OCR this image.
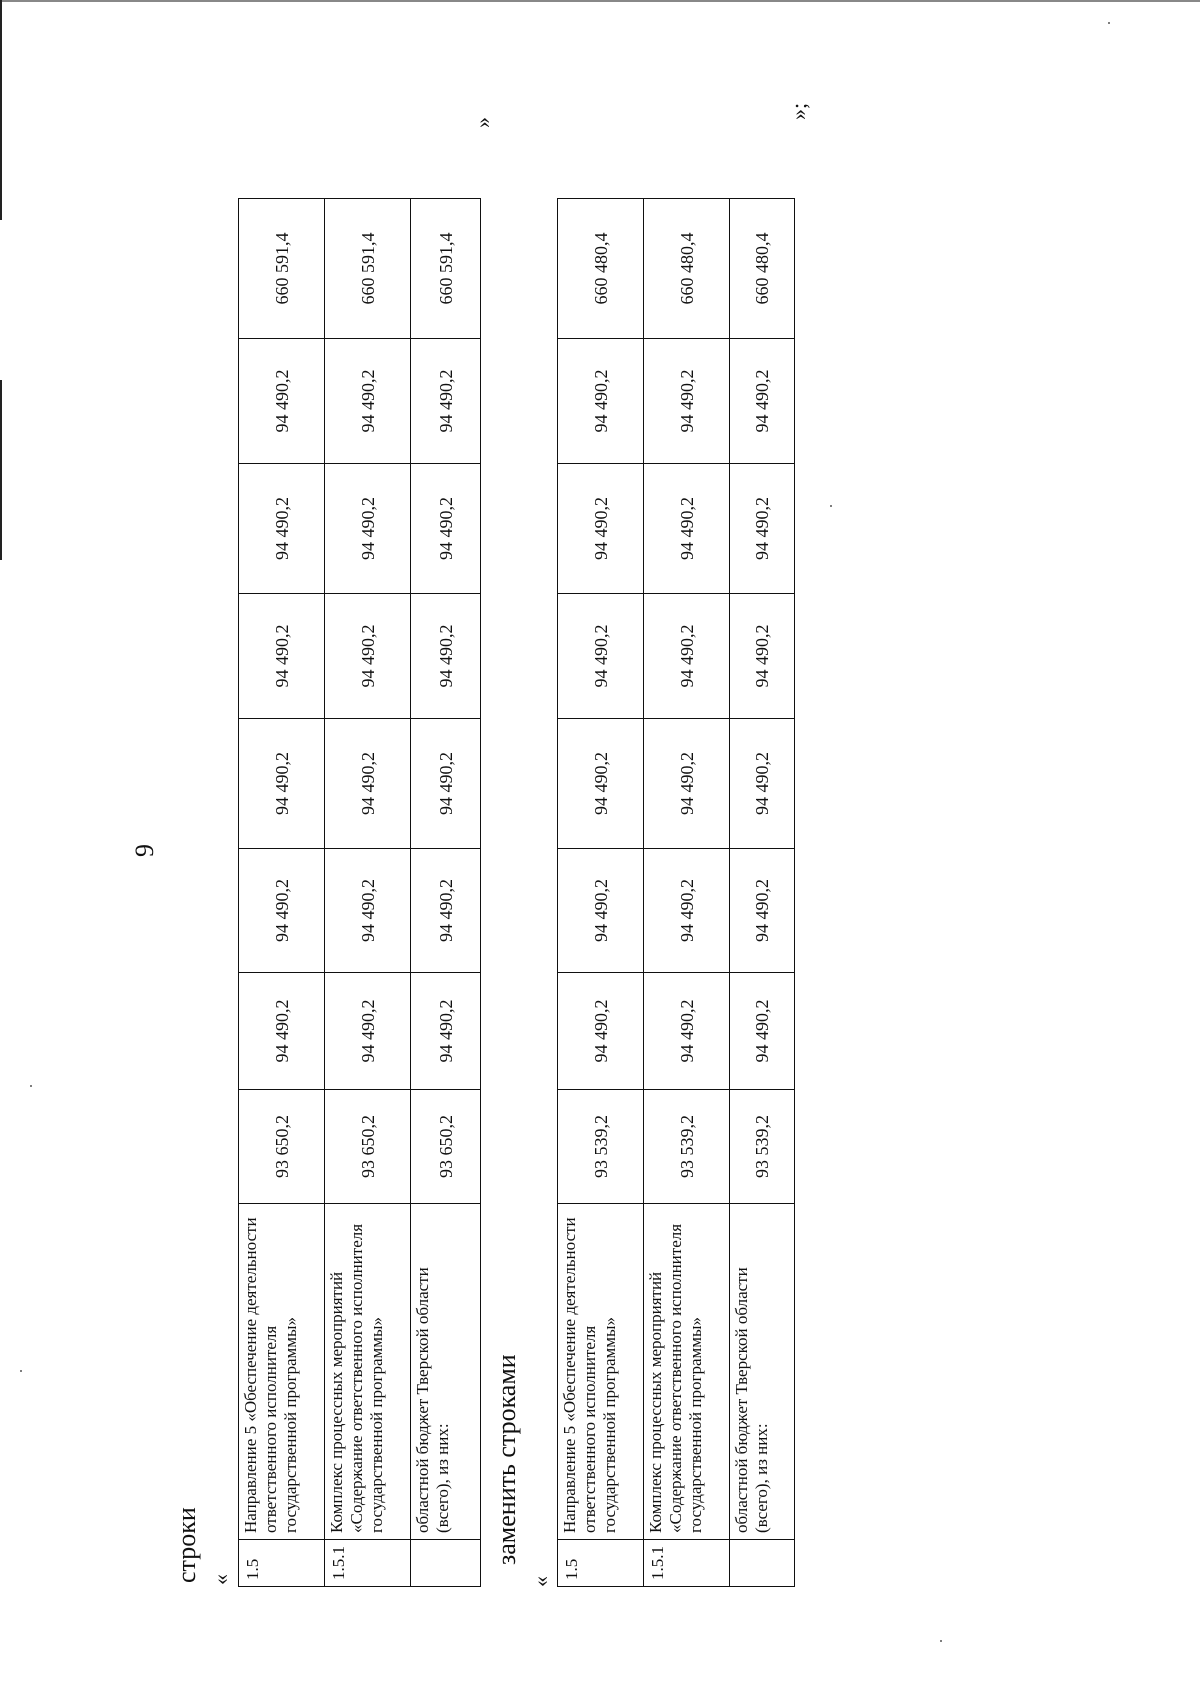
9
строки « 1.5	Направление 5 «Обеспечение деятельности ответственного исполнителя государственной программы»	93 650,2	94 490,2	94 490,2	94 490,2	94 490,2	94 490,2	94 490,2	660 591,4
1.5.1	Комплекс процессных мероприятий «Содержание ответственного исполнителя государственной программы»	93 650,2	94 490,2	94 490,2	94 490,2	94 490,2	94 490,2	94 490,2	660 591,4
	областной бюджет Тверской области (всего), из них:	93 650,2	94 490,2	94 490,2	94 490,2	94 490,2	94 490,2	94 490,2	660 591,4
»
заменить строками
«
1.5	Направление 5 «Обеспечение деятельности ответственного исполнителя государственной программы»	93 539,2	94 490,2	94 490,2	94 490,2	94 490,2	94 490,2	94 490,2	660 480,4
1.5.1	Комплекс процессных мероприятий «Содержание ответственного исполнителя государственной программы»	93 539,2	94 490,2	94 490,2	94 490,2	94 490,2	94 490,2	94 490,2	660 480,4
	областной бюджет Тверской области (всего), из них:	93 539,2	94 490,2	94 490,2	94 490,2	94 490,2	94 490,2	94 490,2	660 480,4
»;
